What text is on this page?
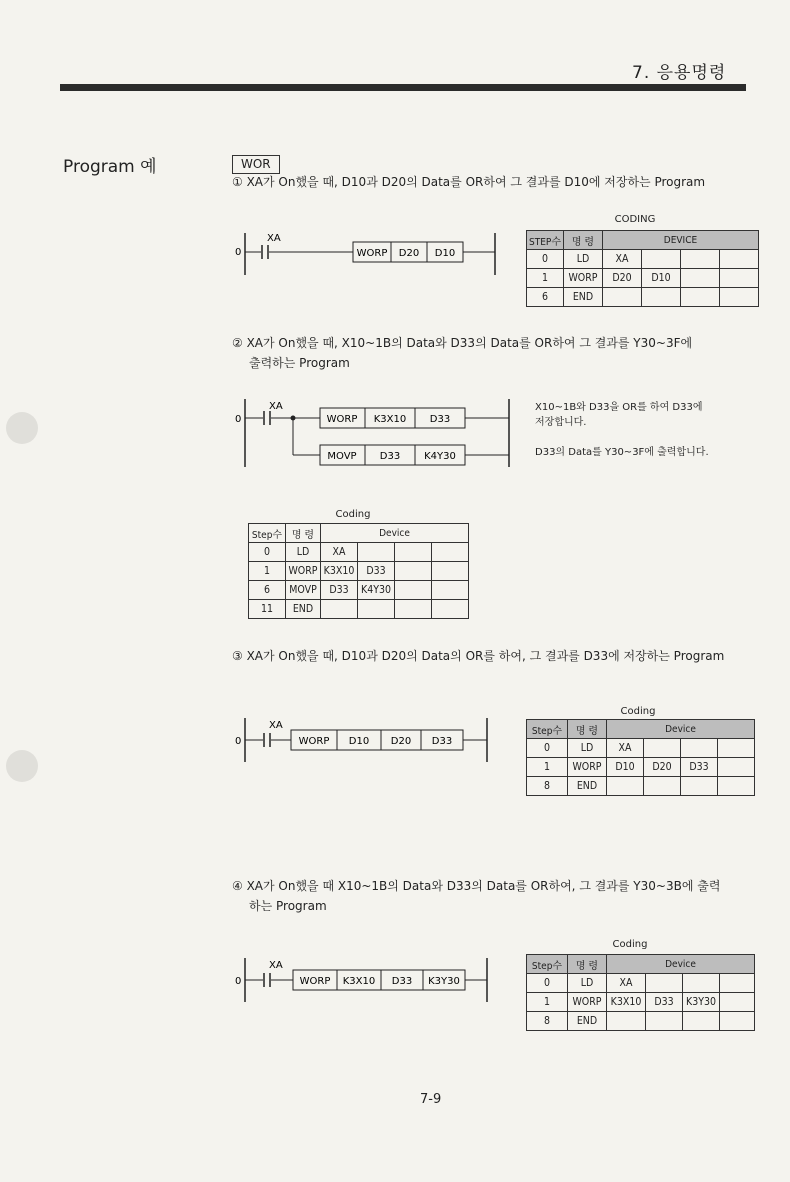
7. 응용명령
Program 예	WOR
① XA가 On했을 때, D10과 D20의 Data를 OR하여 그 결과를 D10에 저장하는 Program
0
XA
WORP D20 D10
CODING
STEP수	명 령	DEVICE			
0	LD	XA			
1	WORP	D20	D10		
6	END				
② XA가 On했을 때, X10~1B의 Data와 D33의 Data를 OR하여 그 결과를 Y30~3F에
출력하는 Program
0
XA
WORP K3X10 D33
MOVP D33 K4Y30
X10~1B와 D33을 OR를 하여 D33에
저장합니다.
D33의 Data를 Y30~3F에 출력합니다.
Coding
Step수	명 령	Device			
0	LD	XA			
1	WORP	K3X10	D33		
6	MOVP	D33	K4Y30		
11	END				
③ XA가 On했을 때, D10과 D20의 Data의 OR를 하여, 그 결과를 D33에 저장하는 Program
0
XA
WORP D10 D20 D33
Coding
Step수	명 령	Device			
0	LD	XA			
1	WORP	D10	D20	D33	
8	END				
④ XA가 On했을 때 X10~1B의 Data와 D33의 Data를 OR하여, 그 결과를 Y30~3B에 출력
하는 Program
0
XA
WORP K3X10 D33 K3Y30
Coding
Step수	명 령	Device			
0	LD	XA			
1	WORP	K3X10	D33	K3Y30	
8	END				
7-9
